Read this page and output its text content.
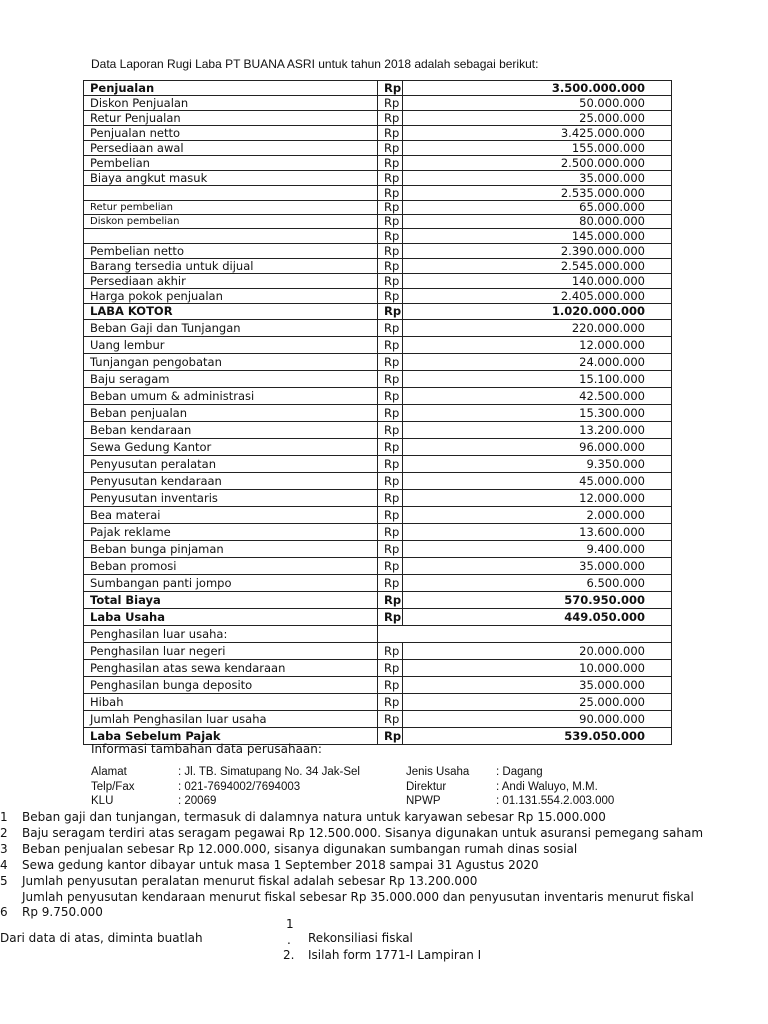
Data Laporan Rugi Laba PT BUANA ASRI untuk tahun 2018 adalah sebagai berikut:
Penjualan	Rp	3.500.000.000
Diskon Penjualan	Rp	50.000.000
Retur Penjualan	Rp	25.000.000
Penjualan netto	Rp	3.425.000.000
Persediaan awal	Rp	155.000.000
Pembelian	Rp	2.500.000.000
Biaya angkut masuk	Rp	35.000.000
	Rp	2.535.000.000
Retur pembelian	Rp	65.000.000
Diskon pembelian	Rp	80.000.000
	Rp	145.000.000
Pembelian netto	Rp	2.390.000.000
Barang tersedia untuk dijual	Rp	2.545.000.000
Persediaan akhir	Rp	140.000.000
Harga pokok penjualan	Rp	2.405.000.000
LABA KOTOR	Rp	1.020.000.000
Beban Gaji dan Tunjangan	Rp	220.000.000
Uang lembur	Rp	12.000.000
Tunjangan pengobatan	Rp	24.000.000
Baju seragam	Rp	15.100.000
Beban umum & administrasi	Rp	42.500.000
Beban penjualan	Rp	15.300.000
Beban kendaraan	Rp	13.200.000
Sewa Gedung Kantor	Rp	96.000.000
Penyusutan peralatan	Rp	9.350.000
Penyusutan kendaraan	Rp	45.000.000
Penyusutan inventaris	Rp	12.000.000
Bea materai	Rp	2.000.000
Pajak reklame	Rp	13.600.000
Beban bunga pinjaman	Rp	9.400.000
Beban promosi	Rp	35.000.000
Sumbangan panti jompo	Rp	6.500.000
Total Biaya	Rp	570.950.000
Laba Usaha	Rp	449.050.000
Penghasilan luar usaha:		
Penghasilan luar negeri	Rp	20.000.000
Penghasilan atas sewa kendaraan	Rp	10.000.000
Penghasilan bunga deposito	Rp	35.000.000
Hibah	Rp	25.000.000
Jumlah Penghasilan luar usaha	Rp	90.000.000
Laba Sebelum Pajak	Rp	539.050.000
Informasi tambahan data perusahaan:
Alamat	: Jl. TB. Simatupang No. 34 Jak-Sel
Telp/Fax	: 021-7694002/7694003
KLU	: 20069
Jenis Usaha : Dagang
Direktur	: Andi Waluyo, M.M.
NPWP	: 01.131.554.2.003.000
1	Beban gaji dan tunjangan, termasuk di dalamnya natura untuk karyawan sebesar Rp 15.000.000
2	Baju seragam terdiri atas seragam pegawai Rp 12.500.000. Sisanya digunakan untuk asuransi pemegang saham
3	Beban penjualan sebesar Rp 12.000.000, sisanya digunakan sumbangan rumah dinas sosial
4	Sewa gedung kantor dibayar untuk masa 1 September 2018 sampai 31 Agustus 2020
5	Jumlah penyusutan peralatan menurut fiskal adalah sebesar Rp 13.200.000
Jumlah penyusutan kendaraan menurut fiskal sebesar Rp 35.000.000 dan penyusutan inventaris menurut fiskal
6	Rp 9.750.000
Dari data di atas, diminta buatlah
1
. Rekonsiliasi fiskal
2. Isilah form 1771-I Lampiran I
